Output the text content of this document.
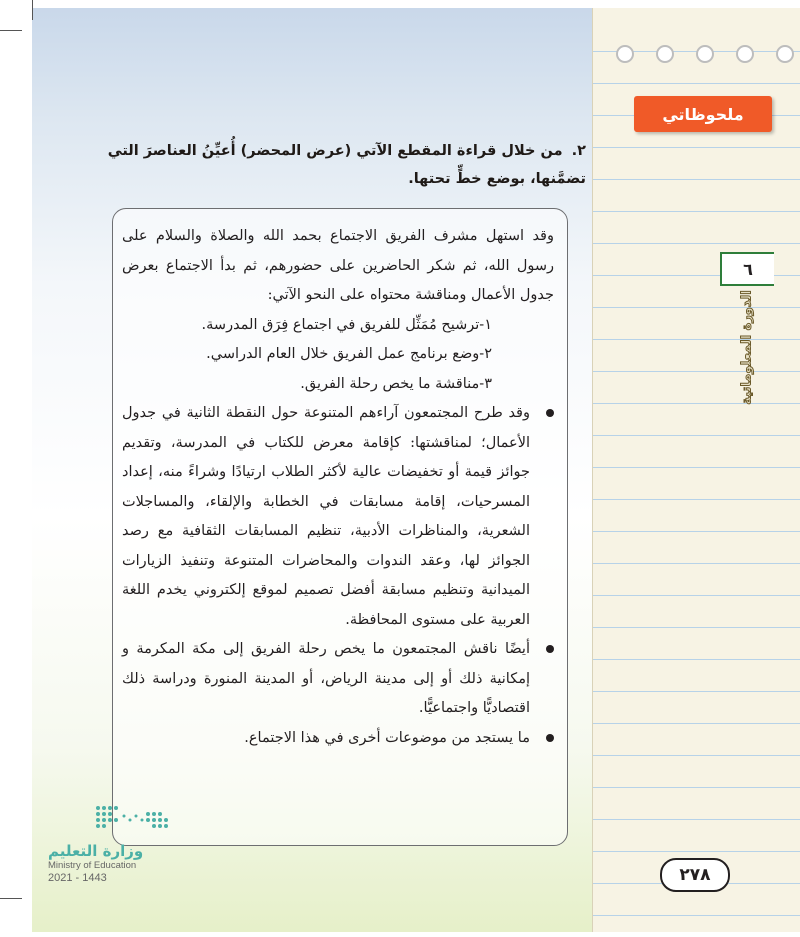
ملحوظاتي
٦
الدورة المعلوماتية
٢. من خلال قراءة المقطع الآتي (عرض المحضر) أُعيِّنُ العناصرَ التي تضمَّنها، بوضع خطٍّ تحتها.

وقد استهل مشرف الفريق الاجتماع بحمد الله والصلاة والسلام على رسول الله، ثم شكر الحاضرين على حضورهم، ثم بدأ الاجتماع بعرض جدول الأعمال ومناقشة محتواه على النحو الآتي:

١-ترشيح مُمَثِّل للفريق في اجتماع فِرَق المدرسة.

٢-وضع برنامج عمل الفريق خلال العام الدراسي.

٣-مناقشة ما يخص رحلة الفريق.

وقد طرح المجتمعون آراءهم المتنوعة حول النقطة الثانية في جدول الأعمال؛ لمناقشتها: كإقامة معرض للكتاب في المدرسة، وتقديم جوائز قيمة أو تخفيضات عالية لأكثر الطلاب ارتيادًا وشراءً منه، إعداد المسرحيات، إقامة مسابقات في الخطابة والإلقاء، والمساجلات الشعرية، والمناظرات الأدبية، تنظيم المسابقات الثقافية مع رصد الجوائز لها، وعقد الندوات والمحاضرات المتنوعة وتنفيذ الزيارات الميدانية وتنظيم مسابقة أفضل تصميم لموقع إلكتروني يخدم اللغة العربية على مستوى المحافظة.
أيضًا ناقش المجتمعون ما يخص رحلة الفريق إلى مكة المكرمة و إمكانية ذلك أو إلى مدينة الرياض، أو المدينة المنورة ودراسة ذلك اقتصاديًّا واجتماعيًّا.
ما يستجد من موضوعات أخرى في هذا الاجتماع.
وزارة التعليم
Ministry of Education
2021 - 1443	٢٧٨
